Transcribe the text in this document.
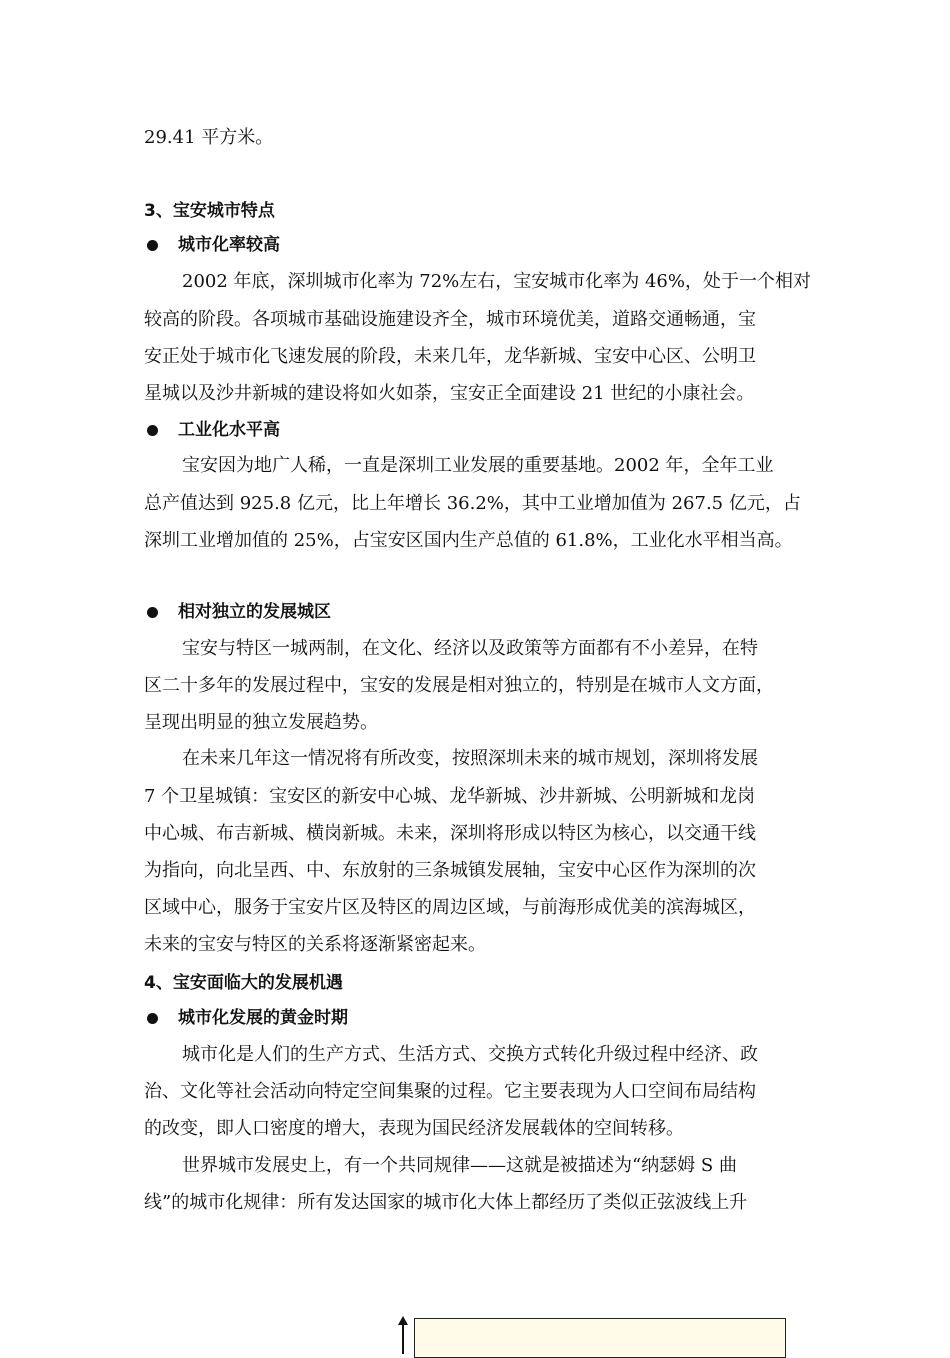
29.41 平方米。
3、宝安城市特点
城市化率较高
2002 年底，深圳城市化率为 72%左右，宝安城市化率为 46%，处于一个相对
较高的阶段。各项城市基础设施建设齐全，城市环境优美，道路交通畅通，宝
安正处于城市化飞速发展的阶段，未来几年，龙华新城、宝安中心区、公明卫
星城以及沙井新城的建设将如火如荼，宝安正全面建设 21 世纪的小康社会。
工业化水平高
宝安因为地广人稀，一直是深圳工业发展的重要基地。2002 年，全年工业
总产值达到 925.8 亿元，比上年增长 36.2%，其中工业增加值为 267.5 亿元，占
深圳工业增加值的 25%，占宝安区国内生产总值的 61.8%，工业化水平相当高。
相对独立的发展城区
宝安与特区一城两制，在文化、经济以及政策等方面都有不小差异，在特
区二十多年的发展过程中，宝安的发展是相对独立的，特别是在城市人文方面，
呈现出明显的独立发展趋势。
在未来几年这一情况将有所改变，按照深圳未来的城市规划，深圳将发展
7 个卫星城镇：宝安区的新安中心城、龙华新城、沙井新城、公明新城和龙岗
中心城、布吉新城、横岗新城。未来，深圳将形成以特区为核心，以交通干线
为指向，向北呈西、中、东放射的三条城镇发展轴，宝安中心区作为深圳的次
区域中心，服务于宝安片区及特区的周边区域，与前海形成优美的滨海城区，
未来的宝安与特区的关系将逐渐紧密起来。
4、宝安面临大的发展机遇
城市化发展的黄金时期
城市化是人们的生产方式、生活方式、交换方式转化升级过程中经济、政
治、文化等社会活动向特定空间集聚的过程。它主要表现为人口空间布局结构
的改变，即人口密度的增大，表现为国民经济发展载体的空间转移。
世界城市发展史上，有一个共同规律——这就是被描述为“纳瑟姆 S 曲
线”的城市化规律：所有发达国家的城市化大体上都经历了类似正弦波线上升
